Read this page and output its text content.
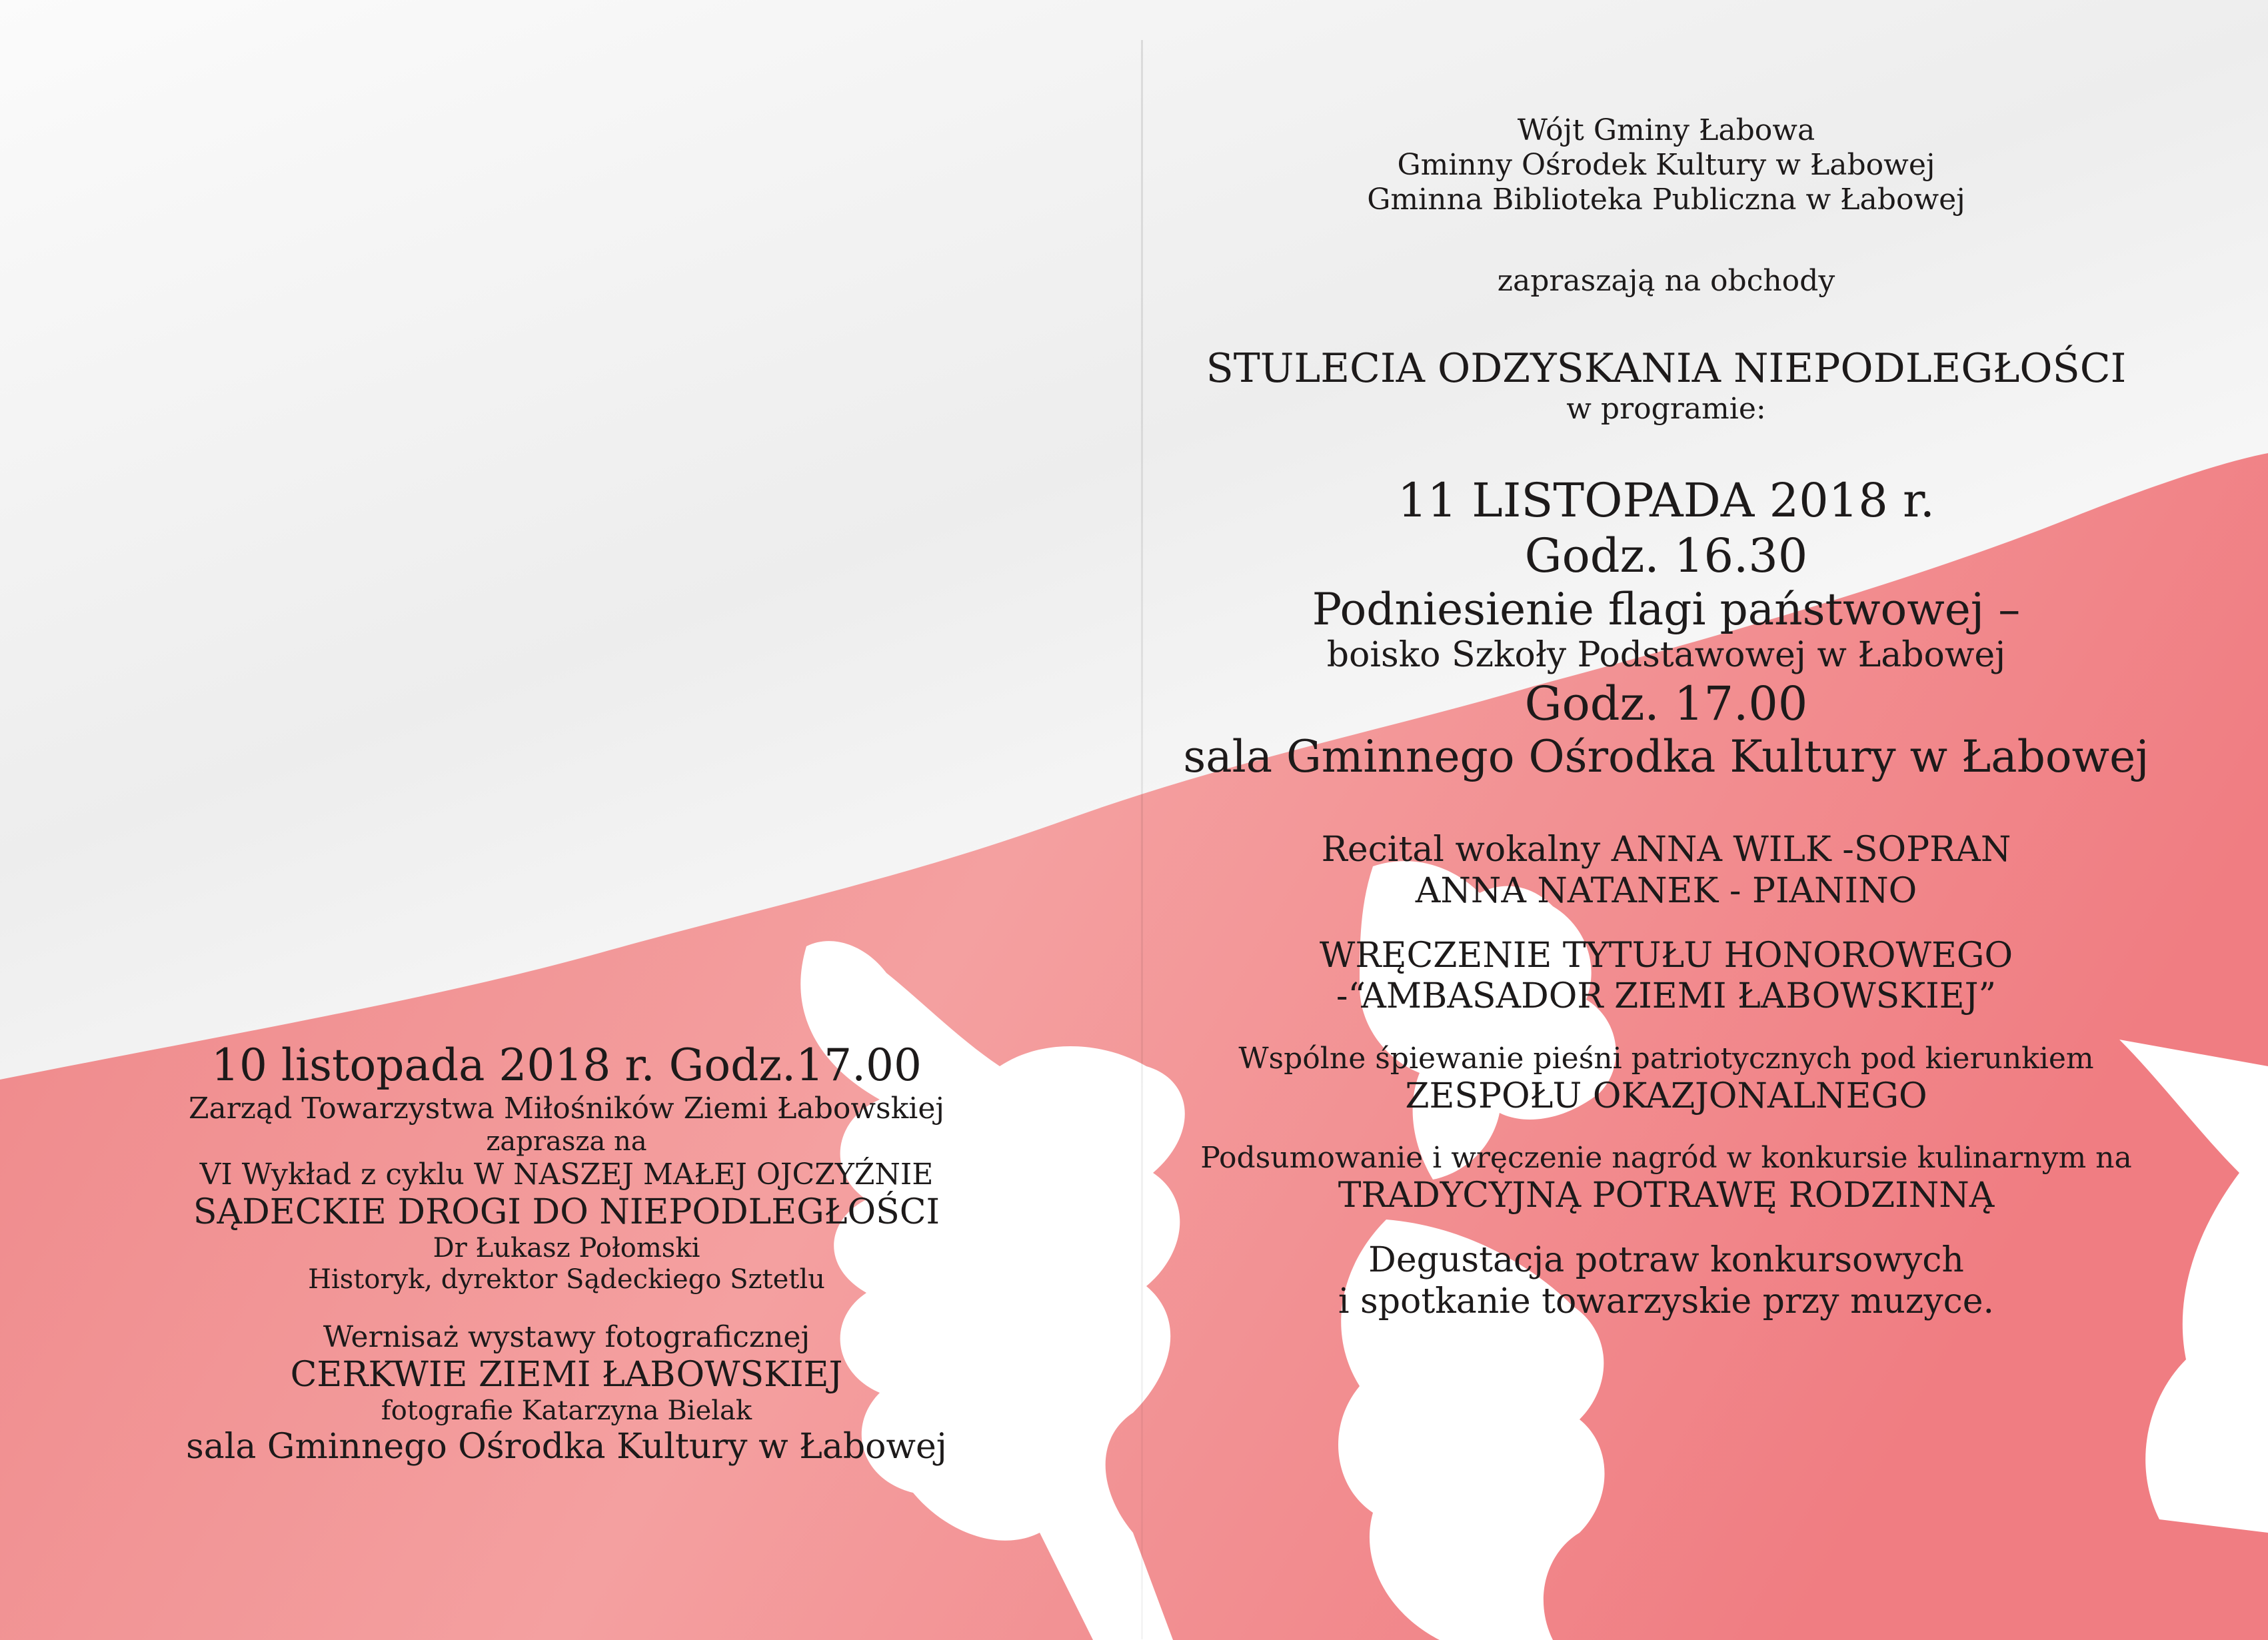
Wójt Gminy Łabowa
Gminny Ośrodek Kultury w Łabowej
Gminna Biblioteka Publiczna w Łabowej
zapraszają na obchody
STULECIA ODZYSKANIA NIEPODLEGŁOŚCI
w programie:
11 LISTOPADA 2018 r.
Godz. 16.30
Podniesienie flagi państwowej –
boisko Szkoły Podstawowej w Łabowej
Godz. 17.00
sala Gminnego Ośrodka Kultury w Łabowej
Recital wokalny ANNA WILK -SOPRAN
ANNA NATANEK - PIANINO
WRĘCZENIE TYTUŁU HONOROWEGO
-“AMBASADOR ZIEMI ŁABOWSKIEJ”
Wspólne śpiewanie pieśni patriotycznych pod kierunkiem
ZESPOŁU OKAZJONALNEGO
Podsumowanie i wręczenie nagród w konkursie kulinarnym na
TRADYCYJNĄ POTRAWĘ RODZINNĄ
Degustacja potraw konkursowych
i spotkanie towarzyskie przy muzyce.
10 listopada 2018 r. Godz.17.00
Zarząd Towarzystwa Miłośników Ziemi Łabowskiej
zaprasza na
VI Wykład z cyklu W NASZEJ MAŁEJ OJCZYŹNIE
SĄDECKIE DROGI DO NIEPODLEGŁOŚCI
Dr Łukasz Połomski
Historyk, dyrektor Sądeckiego Sztetlu
Wernisaż wystawy fotograficznej
CERKWIE ZIEMI ŁABOWSKIEJ
fotografie Katarzyna Bielak
sala Gminnego Ośrodka Kultury w Łabowej
